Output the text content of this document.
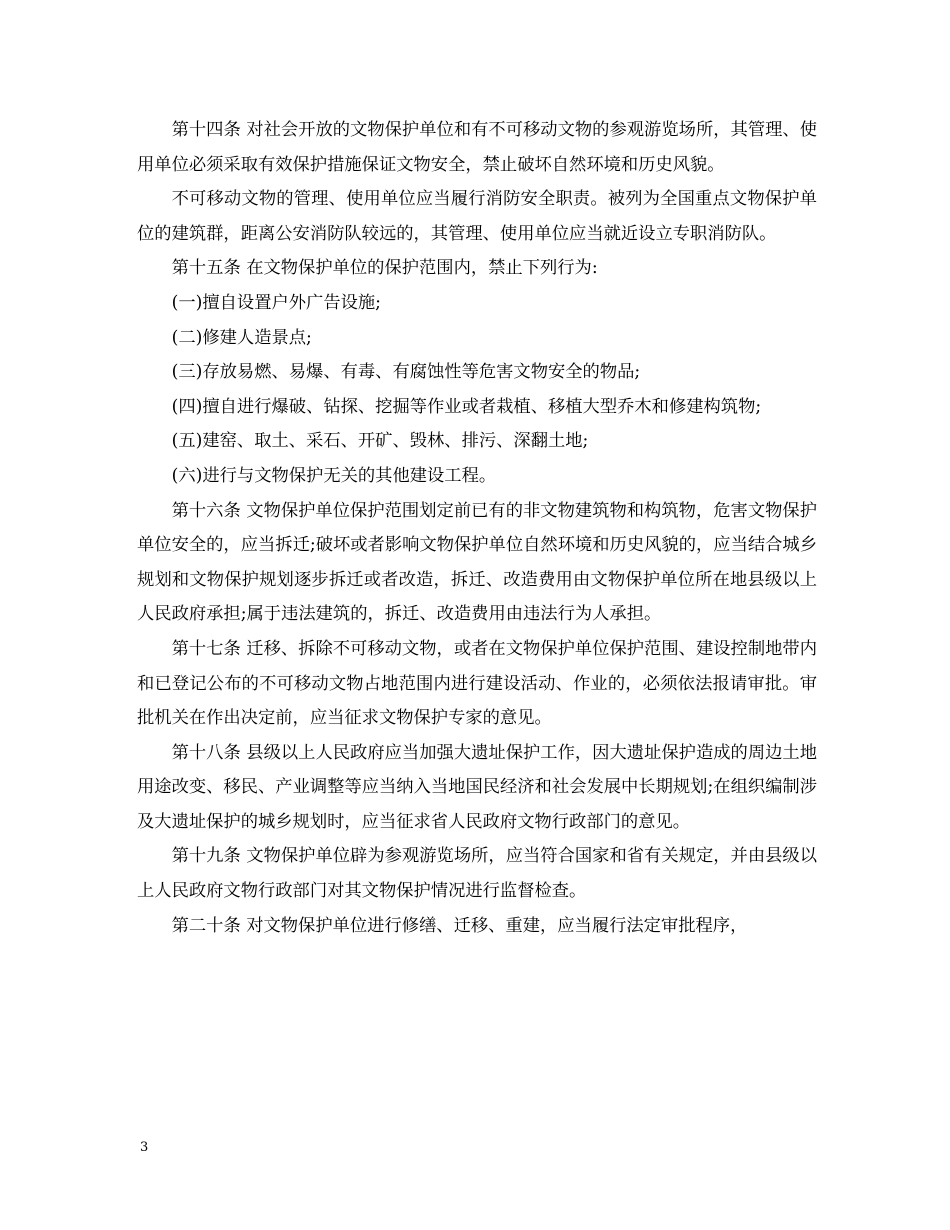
第十四条 对社会开放的文物保护单位和有不可移动文物的参观游览场所，其管理、使用单位必须采取有效保护措施保证文物安全，禁止破坏自然环境和历史风貌。

不可移动文物的管理、使用单位应当履行消防安全职责。被列为全国重点文物保护单位的建筑群，距离公安消防队较远的，其管理、使用单位应当就近设立专职消防队。

第十五条 在文物保护单位的保护范围内，禁止下列行为:

(一)擅自设置户外广告设施;

(二)修建人造景点;

(三)存放易燃、易爆、有毒、有腐蚀性等危害文物安全的物品;

(四)擅自进行爆破、钻探、挖掘等作业或者栽植、移植大型乔木和修建构筑物;

(五)建窑、取土、采石、开矿、毁林、排污、深翻土地;

(六)进行与文物保护无关的其他建设工程。

第十六条 文物保护单位保护范围划定前已有的非文物建筑物和构筑物，危害文物保护单位安全的，应当拆迁;破坏或者影响文物保护单位自然环境和历史风貌的，应当结合城乡规划和文物保护规划逐步拆迁或者改造，拆迁、改造费用由文物保护单位所在地县级以上人民政府承担;属于违法建筑的，拆迁、改造费用由违法行为人承担。

第十七条 迁移、拆除不可移动文物，或者在文物保护单位保护范围、建设控制地带内和已登记公布的不可移动文物占地范围内进行建设活动、作业的，必须依法报请审批。审批机关在作出决定前，应当征求文物保护专家的意见。

第十八条 县级以上人民政府应当加强大遗址保护工作，因大遗址保护造成的周边土地用途改变、移民、产业调整等应当纳入当地国民经济和社会发展中长期规划;在组织编制涉及大遗址保护的城乡规划时，应当征求省人民政府文物行政部门的意见。

第十九条 文物保护单位辟为参观游览场所，应当符合国家和省有关规定，并由县级以上人民政府文物行政部门对其文物保护情况进行监督检查。

第二十条 对文物保护单位进行修缮、迁移、重建，应当履行法定审批程序，

3
